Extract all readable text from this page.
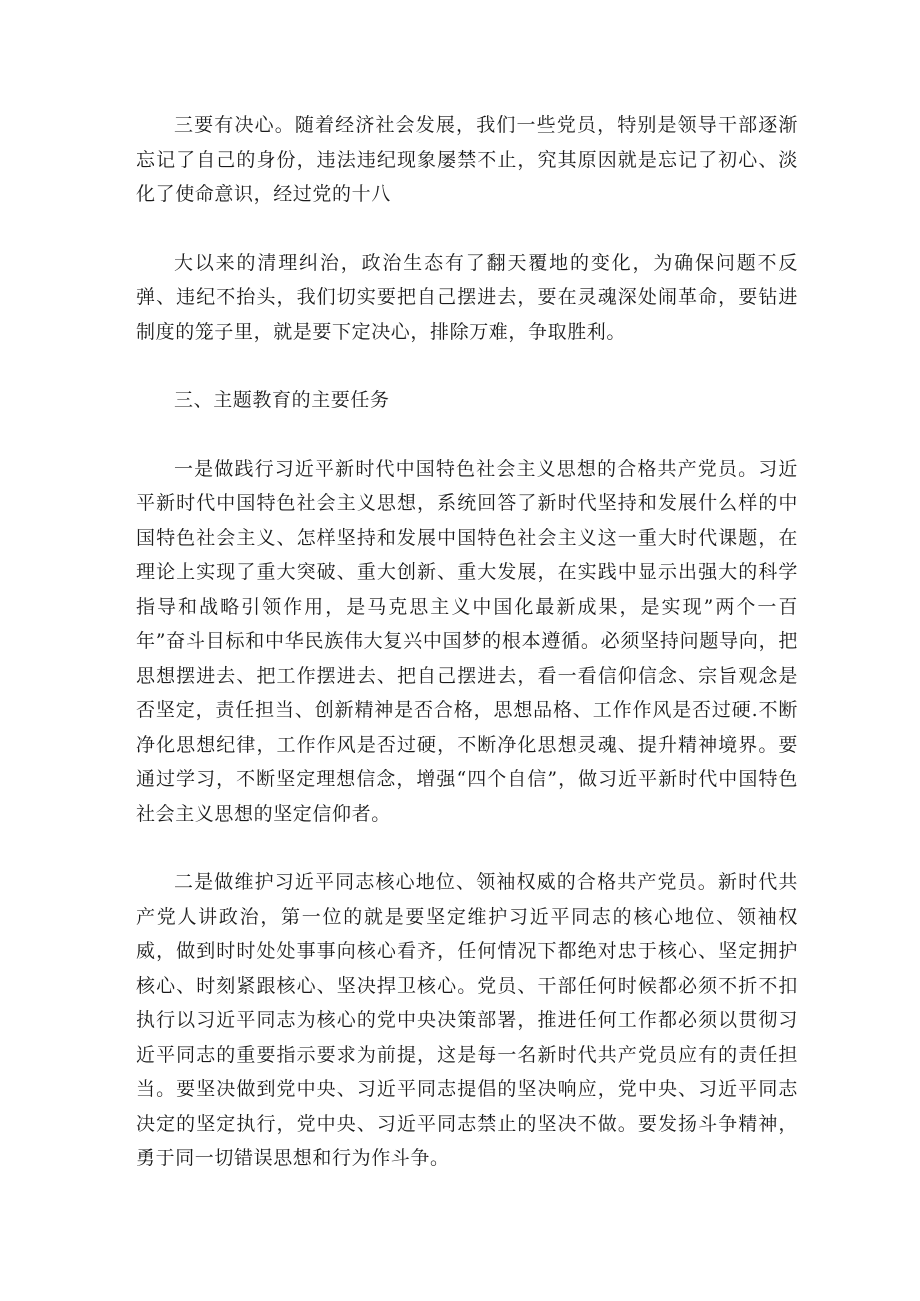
三要有决心。随着经济社会发展，我们一些党员，特别是领导干部逐渐忘记了自己的身份，违法违纪现象屡禁不止，究其原因就是忘记了初心、淡化了使命意识，经过党的十八

大以来的清理纠治，政治生态有了翻天覆地的变化，为确保问题不反弹、违纪不抬头，我们切实要把自己摆进去，要在灵魂深处闹革命，要钻进制度的笼子里，就是要下定决心，排除万难，争取胜利。

三、主题教育的主要任务

一是做践行习近平新时代中国特色社会主义思想的合格共产党员。习近平新时代中国特色社会主义思想，系统回答了新时代坚持和发展什么样的中国特色社会主义、怎样坚持和发展中国特色社会主义这一重大时代课题，在理论上实现了重大突破、重大创新、重大发展，在实践中显示出强大的科学指导和战略引领作用，是马克思主义中国化最新成果，是实现”两个一百年”奋斗目标和中华民族伟大复兴中国梦的根本遵循。必须坚持问题导向，把思想摆进去、把工作摆进去、把自己摆进去，看一看信仰信念、宗旨观念是否坚定，责任担当、创新精神是否合格，思想品格、工作作风是否过硬.不断净化思想纪律，工作作风是否过硬，不断净化思想灵魂、提升精神境界。要通过学习，不断坚定理想信念，增强“四个自信”，做习近平新时代中国特色社会主义思想的坚定信仰者。

二是做维护习近平同志核心地位、领袖权威的合格共产党员。新时代共产党人讲政治，第一位的就是要坚定维护习近平同志的核心地位、领袖权威，做到时时处处事事向核心看齐，任何情况下都绝对忠于核心、坚定拥护核心、时刻紧跟核心、坚决捍卫核心。党员、干部任何时候都必须不折不扣执行以习近平同志为核心的党中央决策部署，推进任何工作都必须以贯彻习近平同志的重要指示要求为前提，这是每一名新时代共产党员应有的责任担当。要坚决做到党中央、习近平同志提倡的坚决响应，党中央、习近平同志决定的坚定执行，党中央、习近平同志禁止的坚决不做。要发扬斗争精神，勇于同一切错误思想和行为作斗争。
